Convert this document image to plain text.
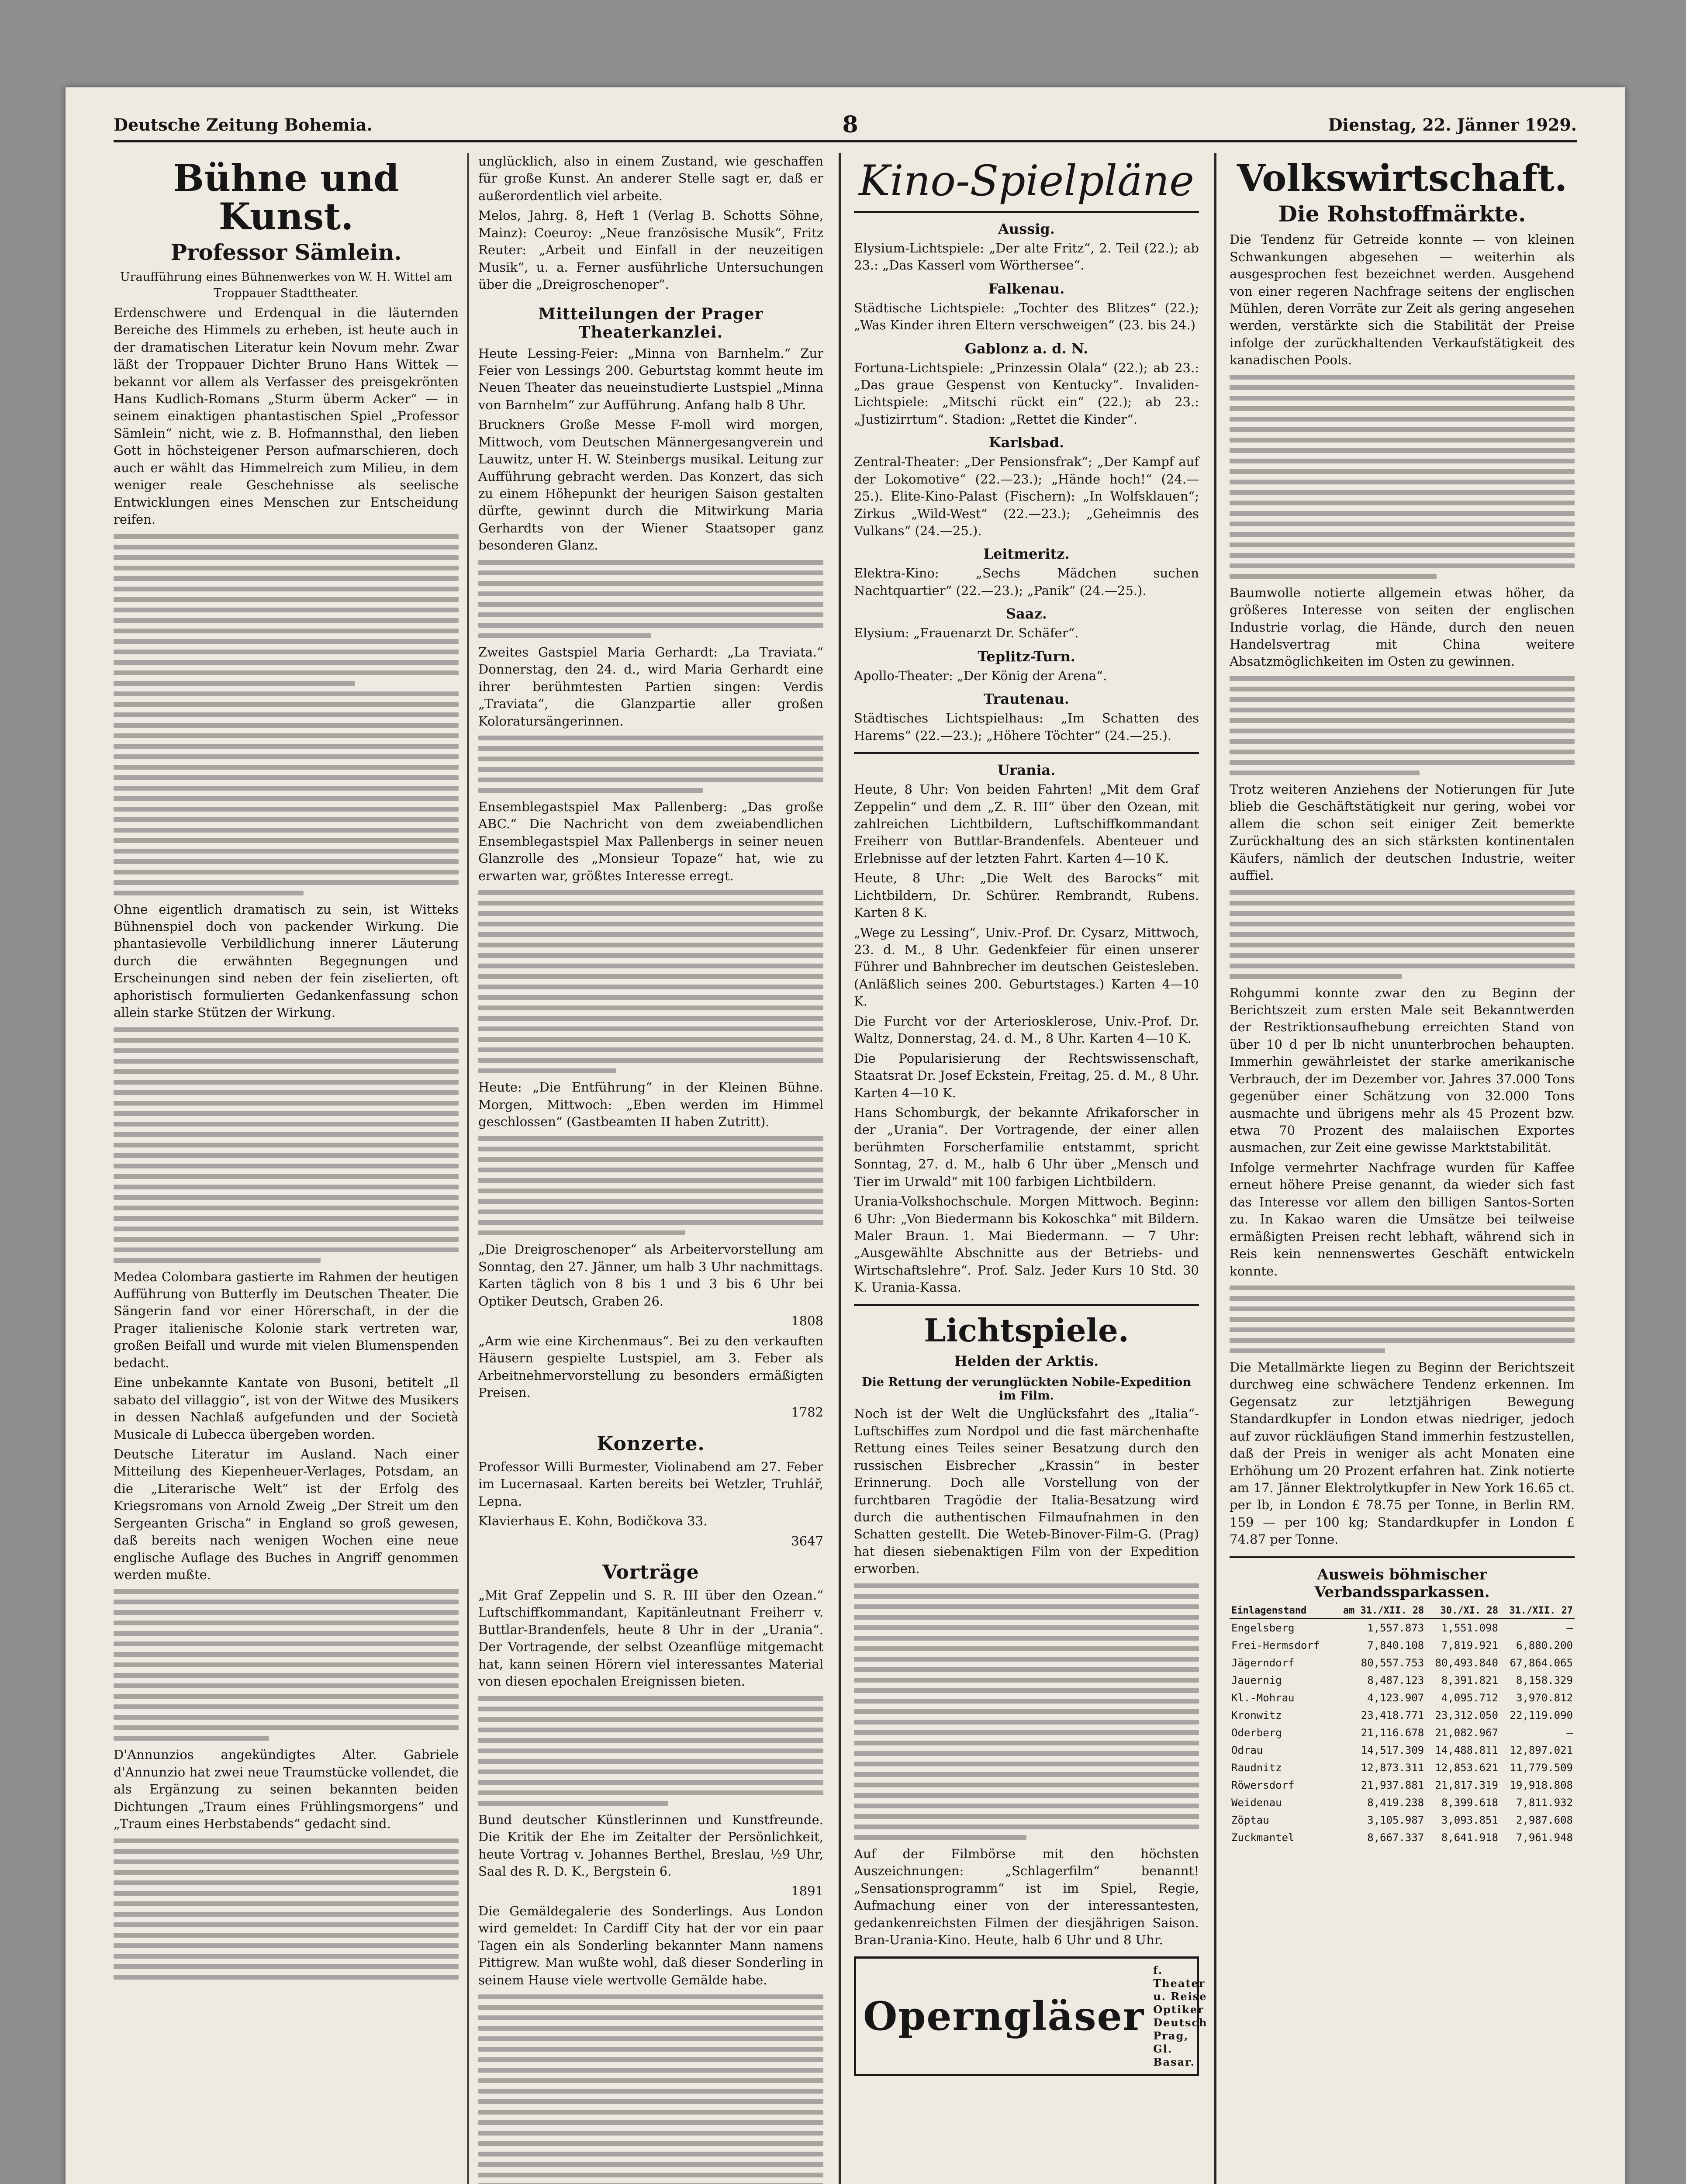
Deutsche Zeitung Bohemia.	8	Dienstag, 22. Jänner 1929.
Bühne und Kunst.
Professor Sämlein.

Uraufführung eines Bühnenwerkes von W. H. Wittel am Troppauer Stadttheater.

Erdenschwere und Erdenqual in die läuternden Bereiche des Himmels zu erheben, ist heute auch in der dramatischen Literatur kein Novum mehr. Zwar läßt der Troppauer Dichter Bruno Hans Wittek — bekannt vor allem als Verfasser des preisgekrönten Hans Kudlich-Romans „Sturm überm Acker“ — in seinem einaktigen phantastischen Spiel „Professor Sämlein“ nicht, wie z. B. Hofmannsthal, den lieben Gott in höchsteigener Person aufmarschieren, doch auch er wählt das Himmelreich zum Milieu, in dem weniger reale Geschehnisse als seelische Entwicklungen eines Menschen zur Entscheidung reifen.

Ohne eigentlich dramatisch zu sein, ist Witteks Bühnenspiel doch von packender Wirkung. Die phantasievolle Verbildlichung innerer Läuterung durch die erwähnten Begegnungen und Erscheinungen sind neben der fein ziselierten, oft aphoristisch formulierten Gedankenfassung schon allein starke Stützen der Wirkung.

Medea Colombara gastierte im Rahmen der heutigen Aufführung von Butterfly im Deutschen Theater. Die Sängerin fand vor einer Hörerschaft, in der die Prager italienische Kolonie stark vertreten war, großen Beifall und wurde mit vielen Blumenspenden bedacht.

Eine unbekannte Kantate von Busoni, betitelt „Il sabato del villaggio“, ist von der Witwe des Musikers in dessen Nachlaß aufgefunden und der Società Musicale di Lubecca übergeben worden.

Deutsche Literatur im Ausland. Nach einer Mitteilung des Kiepenheuer-Verlages, Potsdam, an die „Literarische Welt“ ist der Erfolg des Kriegsromans von Arnold Zweig „Der Streit um den Sergeanten Grischa“ in England so groß gewesen, daß bereits nach wenigen Wochen eine neue englische Auflage des Buches in Angriff genommen werden mußte.

D'Annunzios angekündigtes Alter. Gabriele d'Annunzio hat zwei neue Traumstücke vollendet, die als Ergänzung zu seinen bekannten beiden Dichtungen „Traum eines Frühlingsmorgens“ und „Traum eines Herbstabends“ gedacht sind.

unglücklich, also in einem Zustand, wie geschaffen für große Kunst. An anderer Stelle sagt er, daß er außerordentlich viel arbeite.

Melos, Jahrg. 8, Heft 1 (Verlag B. Schotts Söhne, Mainz): Coeuroy: „Neue französische Musik“, Fritz Reuter: „Arbeit und Einfall in der neuzeitigen Musik“, u. a. Ferner ausführliche Untersuchungen über die „Dreigroschenoper“.

Mitteilungen der Prager Theaterkanzlei.

Heute Lessing-Feier: „Minna von Barnhelm.“ Zur Feier von Lessings 200. Geburtstag kommt heute im Neuen Theater das neueinstudierte Lustspiel „Minna von Barnhelm“ zur Aufführung. Anfang halb 8 Uhr.

Bruckners Große Messe F-moll wird morgen, Mittwoch, vom Deutschen Männergesangverein und Lauwitz, unter H. W. Steinbergs musikal. Leitung zur Aufführung gebracht werden. Das Konzert, das sich zu einem Höhepunkt der heurigen Saison gestalten dürfte, gewinnt durch die Mitwirkung Maria Gerhardts von der Wiener Staatsoper ganz besonderen Glanz.

Zweites Gastspiel Maria Gerhardt: „La Traviata.“ Donnerstag, den 24. d., wird Maria Gerhardt eine ihrer berühmtesten Partien singen: Verdis „Traviata“, die Glanzpartie aller großen Koloratursängerinnen.

Ensemblegastspiel Max Pallenberg: „Das große ABC.“ Die Nachricht von dem zweiabendlichen Ensemblegastspiel Max Pallenbergs in seiner neuen Glanzrolle des „Monsieur Topaze“ hat, wie zu erwarten war, größtes Interesse erregt.

Heute: „Die Entführung“ in der Kleinen Bühne. Morgen, Mittwoch: „Eben werden im Himmel geschlossen“ (Gastbeamten II haben Zutritt).

„Die Dreigroschenoper“ als Arbeitervorstellung am Sonntag, den 27. Jänner, um halb 3 Uhr nachmittags. Karten täglich von 8 bis 1 und 3 bis 6 Uhr bei Optiker Deutsch, Graben 26.

1808

„Arm wie eine Kirchenmaus“. Bei zu den verkauften Häusern gespielte Lustspiel, am 3. Feber als Arbeitnehmervorstellung zu besonders ermäßigten Preisen.

1782

Konzerte.

Professor Willi Burmester, Violinabend am 27. Feber im Lucernasaal. Karten bereits bei Wetzler, Truhlář, Lepna.

Klavierhaus E. Kohn, Bodičkova 33.

3647

Vorträge

„Mit Graf Zeppelin und S. R. III über den Ozean.“ Luftschiffkommandant, Kapitänleutnant Freiherr v. Buttlar-Brandenfels, heute 8 Uhr in der „Urania“. Der Vortragende, der selbst Ozeanflüge mitgemacht hat, kann seinen Hörern viel interessantes Material von diesen epochalen Ereignissen bieten.

Bund deutscher Künstlerinnen und Kunstfreunde. Die Kritik der Ehe im Zeitalter der Persönlichkeit, heute Vortrag v. Johannes Berthel, Breslau, ½9 Uhr, Saal des R. D. K., Bergstein 6.

1891

Die Gemäldegalerie des Sonderlings. Aus London wird gemeldet: In Cardiff City hat der vor ein paar Tagen ein als Sonderling bekannter Mann namens Pittigrew. Man wußte wohl, daß dieser Sonderling in seinem Hause viele wertvolle Gemälde habe.

Kino-Spielpläne
Aussig.

Elysium-Lichtspiele: „Der alte Fritz“, 2. Teil (22.); ab 23.: „Das Kasserl vom Wörthersee“.

Falkenau.

Städtische Lichtspiele: „Tochter des Blitzes“ (22.); „Was Kinder ihren Eltern verschweigen“ (23. bis 24.)

Gablonz a. d. N.

Fortuna-Lichtspiele: „Prinzessin Olala“ (22.); ab 23.: „Das graue Gespenst von Kentucky“. Invaliden-Lichtspiele: „Mitschi rückt ein“ (22.); ab 23.: „Justizirrtum“. Stadion: „Rettet die Kinder“.

Karlsbad.

Zentral-Theater: „Der Pensionsfrak“; „Der Kampf auf der Lokomotive“ (22.—23.); „Hände hoch!“ (24.—25.). Elite-Kino-Palast (Fischern): „In Wolfsklauen“; Zirkus „Wild-West“ (22.—23.); „Geheimnis des Vulkans“ (24.—25.).

Leitmeritz.

Elektra-Kino: „Sechs Mädchen suchen Nachtquartier“ (22.—23.); „Panik“ (24.—25.).

Saaz.

Elysium: „Frauenarzt Dr. Schäfer“.

Teplitz-Turn.

Apollo-Theater: „Der König der Arena“.

Trautenau.

Städtisches Lichtspielhaus: „Im Schatten des Harems“ (22.—23.); „Höhere Töchter“ (24.—25.).

Urania.

Heute, 8 Uhr: Von beiden Fahrten! „Mit dem Graf Zeppelin“ und dem „Z. R. III“ über den Ozean, mit zahlreichen Lichtbildern, Luftschiffkommandant Freiherr von Buttlar-Brandenfels. Abenteuer und Erlebnisse auf der letzten Fahrt. Karten 4—10 K.

Heute, 8 Uhr: „Die Welt des Barocks“ mit Lichtbildern, Dr. Schürer. Rembrandt, Rubens. Karten 8 K.

„Wege zu Lessing“, Univ.-Prof. Dr. Cysarz, Mittwoch, 23. d. M., 8 Uhr. Gedenkfeier für einen unserer Führer und Bahnbrecher im deutschen Geistesleben. (Anläßlich seines 200. Geburtstages.) Karten 4—10 K.

Die Furcht vor der Arteriosklerose, Univ.-Prof. Dr. Waltz, Donnerstag, 24. d. M., 8 Uhr. Karten 4—10 K.

Die Popularisierung der Rechtswissenschaft, Staatsrat Dr. Josef Eckstein, Freitag, 25. d. M., 8 Uhr. Karten 4—10 K.

Hans Schomburgk, der bekannte Afrikaforscher in der „Urania“. Der Vortragende, der einer allen berühmten Forscherfamilie entstammt, spricht Sonntag, 27. d. M., halb 6 Uhr über „Mensch und Tier im Urwald“ mit 100 farbigen Lichtbildern.

Urania-Volkshochschule. Morgen Mittwoch. Beginn: 6 Uhr: „Von Biedermann bis Kokoschka“ mit Bildern. Maler Braun. 1. Mai Biedermann. — 7 Uhr: „Ausgewählte Abschnitte aus der Betriebs- und Wirtschaftslehre“. Prof. Salz. Jeder Kurs 10 Std. 30 K. Urania-Kassa.

Lichtspiele.
Helden der Arktis.
Die Rettung der verunglückten Nobile-Expedition im Film.

Noch ist der Welt die Unglücksfahrt des „Italia“-Luftschiffes zum Nordpol und die fast märchenhafte Rettung eines Teiles seiner Besatzung durch den russischen Eisbrecher „Krassin“ in bester Erinnerung. Doch alle Vorstellung von der furchtbaren Tragödie der Italia-Besatzung wird durch die authentischen Filmaufnahmen in den Schatten gestellt. Die Weteb-Binover-Film-G. (Prag) hat diesen siebenaktigen Film von der Expedition erworben.

Auf der Filmbörse mit den höchsten Auszeichnungen: „Schlagerfilm“ benannt! „Sensationsprogramm“ ist im Spiel, Regie, Aufmachung einer von der interessantesten, gedankenreichsten Filmen der diesjährigen Saison. Bran-Urania-Kino. Heute, halb 6 Uhr und 8 Uhr.

Operngläser
f. Theater u. Reise
Optiker Deutsch
Prag, Gl. Basar.
Volkswirtschaft.
Die Rohstoffmärkte.

Die Tendenz für Getreide konnte — von kleinen Schwankungen abgesehen — weiterhin als ausgesprochen fest bezeichnet werden. Ausgehend von einer regeren Nachfrage seitens der englischen Mühlen, deren Vorräte zur Zeit als gering angesehen werden, verstärkte sich die Stabilität der Preise infolge der zurückhaltenden Verkaufstätigkeit des kanadischen Pools.

Baumwolle notierte allgemein etwas höher, da größeres Interesse von seiten der englischen Industrie vorlag, die Hände, durch den neuen Handelsvertrag mit China weitere Absatzmöglichkeiten im Osten zu gewinnen.

Trotz weiteren Anziehens der Notierungen für Jute blieb die Geschäftstätigkeit nur gering, wobei vor allem die schon seit einiger Zeit bemerkte Zurückhaltung des an sich stärksten kontinentalen Käufers, nämlich der deutschen Industrie, weiter auffiel.

Rohgummi konnte zwar den zu Beginn der Berichtszeit zum ersten Male seit Bekanntwerden der Restriktionsaufhebung erreichten Stand von über 10 d per lb nicht ununterbrochen behaupten. Immerhin gewährleistet der starke amerikanische Verbrauch, der im Dezember vor. Jahres 37.000 Tons gegenüber einer Schätzung von 32.000 Tons ausmachte und übrigens mehr als 45 Prozent bzw. etwa 70 Prozent des malaiischen Exportes ausmachen, zur Zeit eine gewisse Marktstabilität.

Infolge vermehrter Nachfrage wurden für Kaffee erneut höhere Preise genannt, da wieder sich fast das Interesse vor allem den billigen Santos-Sorten zu. In Kakao waren die Umsätze bei teilweise ermäßigten Preisen recht lebhaft, während sich in Reis kein nennenswertes Geschäft entwickeln konnte.

Die Metallmärkte liegen zu Beginn der Berichtszeit durchweg eine schwächere Tendenz erkennen. Im Gegensatz zur letztjährigen Bewegung Standardkupfer in London etwas niedriger, jedoch auf zuvor rückläufigen Stand immerhin festzustellen, daß der Preis in weniger als acht Monaten eine Erhöhung um 20 Prozent erfahren hat. Zink notierte am 17. Jänner Elektrolytkupfer in New York 16.65 ct. per lb, in London £ 78.75 per Tonne, in Berlin RM. 159 — per 100 kg; Standardkupfer in London £ 74.87 per Tonne.

Ausweis böhmischer Verbandssparkassen.
Einlagenstand	am 31./XII. 28	30./XI. 28	31./XII. 27
Engelsberg	1,557.873	1,551.098	—
Frei-Hermsdorf	7,840.108	7,819.921	6,880.200
Jägerndorf	80,557.753	80,493.840	67,864.065
Jauernig	8,487.123	8,391.821	8,158.329
Kl.-Mohrau	4,123.907	4,095.712	3,970.812
Kronwitz	23,418.771	23,312.050	22,119.090
Oderberg	21,116.678	21,082.967	—
Odrau	14,517.309	14,488.811	12,897.021
Raudnitz	12,873.311	12,853.621	11,779.509
Röwersdorf	21,937.881	21,817.319	19,918.808
Weidenau	8,419.238	8,399.618	7,811.932
Zöptau	3,105.987	3,093.851	2,987.608
Zuckmantel	8,667.337	8,641.918	7,961.948
